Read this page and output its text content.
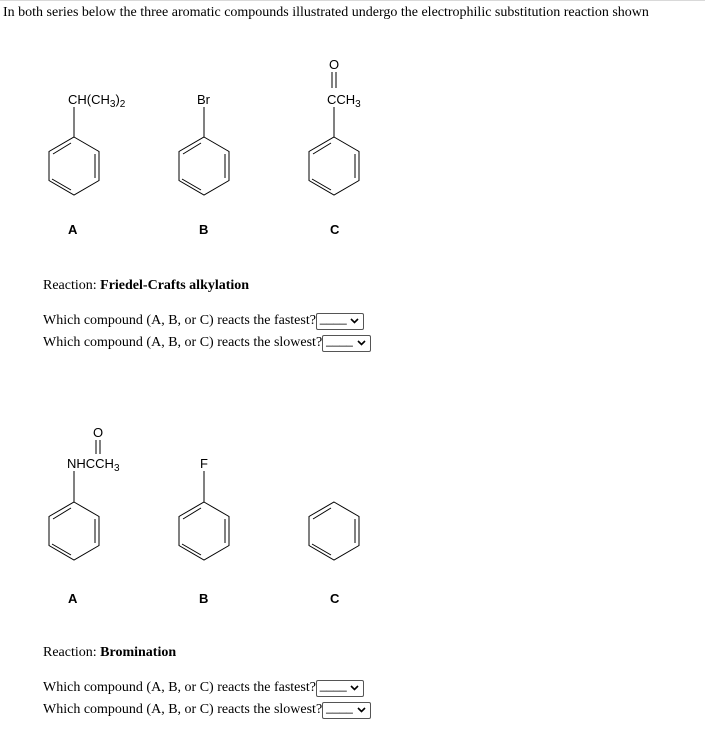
In both series below the three aromatic compounds illustrated undergo the electrophilic substitution reaction shown
$CH(CH_3)_2$	Br
O
$CCH_3$
A	B	C
Reaction: Friedel-Crafts alkylation
Which compound (A, B, or C) reacts the fastest? ____
Which compound (A, B, or C) reacts the slowest? ____
O
$NHCCH_3$	F
A	B	C
Reaction: Bromination
Which compound (A, B, or C) reacts the fastest? ____
Which compound (A, B, or C) reacts the slowest? ____
